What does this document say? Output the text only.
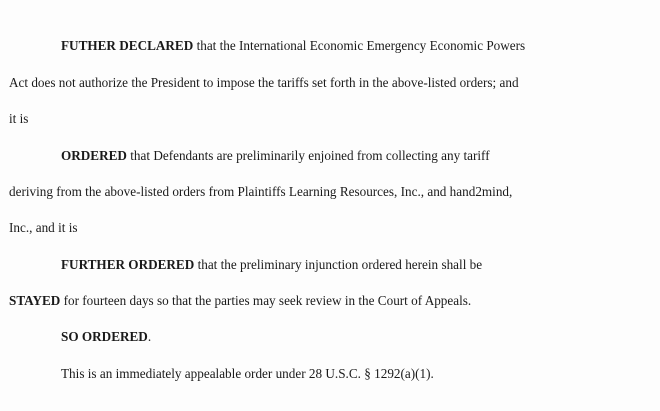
FUTHER DECLARED that the International Economic Emergency Economic Powers
Act does not authorize the President to impose the tariffs set forth in the above-listed orders; and
it is
ORDERED that Defendants are preliminarily enjoined from collecting any tariff
deriving from the above-listed orders from Plaintiffs Learning Resources, Inc., and hand2mind,
Inc., and it is
FURTHER ORDERED that the preliminary injunction ordered herein shall be
STAYED for fourteen days so that the parties may seek review in the Court of Appeals.
SO ORDERED.
This is an immediately appealable order under 28 U.S.C. § 1292(a)(1).
